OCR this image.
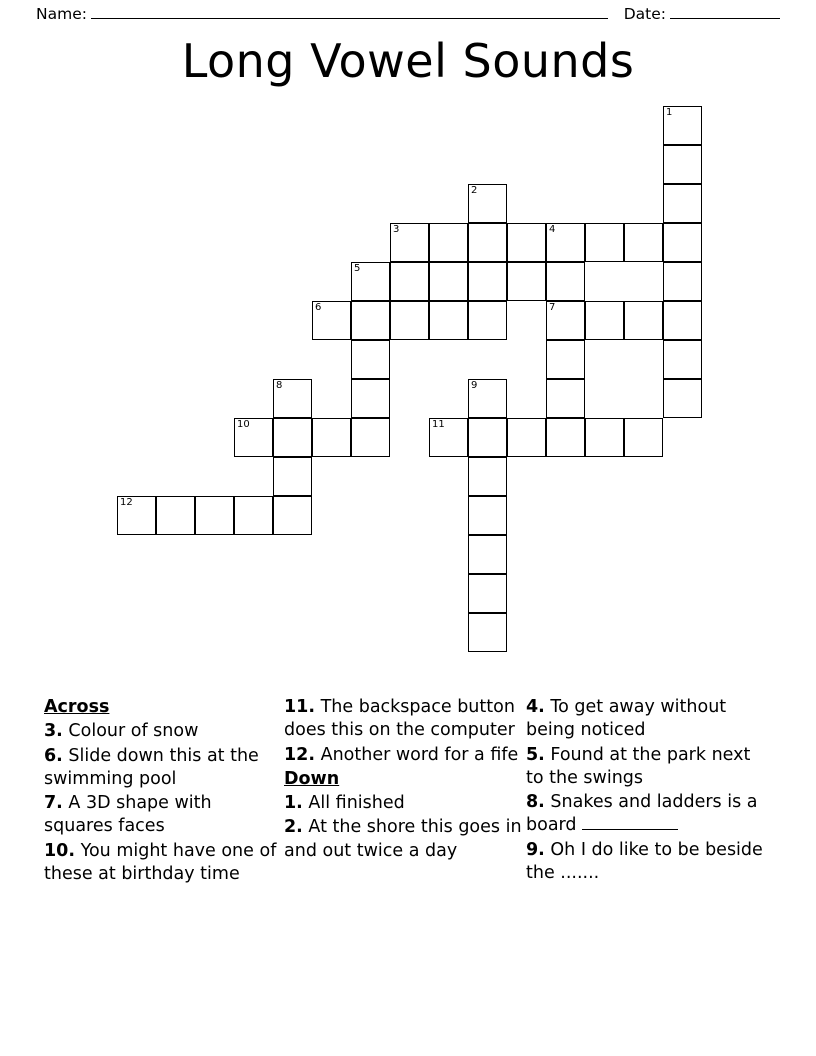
Name:	Date:
Long Vowel Sounds
1
2
3	4
5
6	7
8	9
10	11
12
Across
3. Colour of snow
6. Slide down this at the swimming pool
7. A 3D shape with squares faces
10. You might have one of these at birthday time
11. The backspace button does this on the computer
12. Another word for a fife
Down
1. All finished
2. At the shore this goes in and out twice a day
4. To get away without being noticed
5. Found at the park next to the swings
8. Snakes and ladders is a board
9. Oh I do like to be beside the .......
